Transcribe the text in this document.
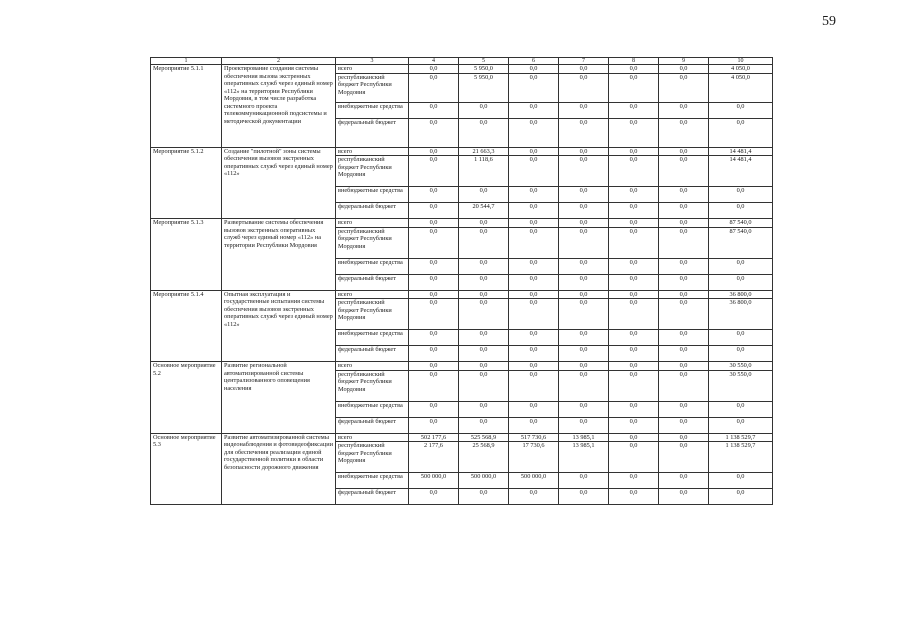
59
1	2	3	4	5	6	7	8	9	10
Мероприятие 5.1.1	Проектирование создания системы обеспечения вызова экстренных оперативных служб через единый номер «112» на территории Республики Мордовия, в том числе разработка системного проекта телекоммуникационной подсистемы и методической документации	всего	0,0	5 950,0	0,0	0,0	0,0	0,0	4 050,0
		республиканский бюджет Республики Мордовия	0,0	5 950,0	0,0	0,0	0,0	0,0	4 050,0
		внебюджетные средства	0,0	0,0	0,0	0,0	0,0	0,0	0,0
		федеральный бюджет	0,0	0,0	0,0	0,0	0,0	0,0	0,0
Мероприятие 5.1.2	Создание "пилотной" зоны системы обеспечения вызовов экстренных оперативных служб через единый номер «112»	всего	0,0	21 663,3	0,0	0,0	0,0	0,0	14 481,4
		республиканский бюджет Республики Мордовия	0,0	1 118,6	0,0	0,0	0,0	0,0	14 481,4
		внебюджетные средства	0,0	0,0	0,0	0,0	0,0	0,0	0,0
		федеральный бюджет	0,0	20 544,7	0,0	0,0	0,0	0,0	0,0
Мероприятие 5.1.3	Развертывание системы обеспечения вызовов экстренных оперативных служб через единый номер «112» на территории Республики Мордовия	всего	0,0	0,0	0,0	0,0	0,0	0,0	87 540,0
		республиканский бюджет Республики Мордовия	0,0	0,0	0,0	0,0	0,0	0,0	87 540,0
		внебюджетные средства	0,0	0,0	0,0	0,0	0,0	0,0	0,0
		федеральный бюджет	0,0	0,0	0,0	0,0	0,0	0,0	0,0
Мероприятие 5.1.4	Опытная эксплуатация и государственные испытания системы обеспечения вызовов экстренных оперативных служб через единый номер «112»	всего	0,0	0,0	0,0	0,0	0,0	0,0	36 800,0
		республиканский бюджет Республики Мордовия	0,0	0,0	0,0	0,0	0,0	0,0	36 800,0
		внебюджетные средства	0,0	0,0	0,0	0,0	0,0	0,0	0,0
		федеральный бюджет	0,0	0,0	0,0	0,0	0,0	0,0	0,0
Основное мероприятие 5.2	Развитие региональной автоматизированной системы централизованного оповещения населения	всего	0,0	0,0	0,0	0,0	0,0	0,0	30 550,0
		республиканский бюджет Республики Мордовия	0,0	0,0	0,0	0,0	0,0	0,0	30 550,0
		внебюджетные средства	0,0	0,0	0,0	0,0	0,0	0,0	0,0
		федеральный бюджет	0,0	0,0	0,0	0,0	0,0	0,0	0,0
Основное мероприятие 5.3	Развитие автоматизированной системы видеонаблюдения и фотовидеофиксации для обеспечения реализации единой государственной политики в области безопасности дорожного движения	всего	502 177,6	525 568,9	517 730,6	13 985,1	0,0	0,0	1 138 529,7
		республиканский бюджет Республики Мордовия	2 177,6	25 568,9	17 730,6	13 985,1	0,0	0,0	1 138 529,7
		внебюджетные средства	500 000,0	500 000,0	500 000,0	0,0	0,0	0,0	0,0
		федеральный бюджет	0,0	0,0	0,0	0,0	0,0	0,0	0,0
